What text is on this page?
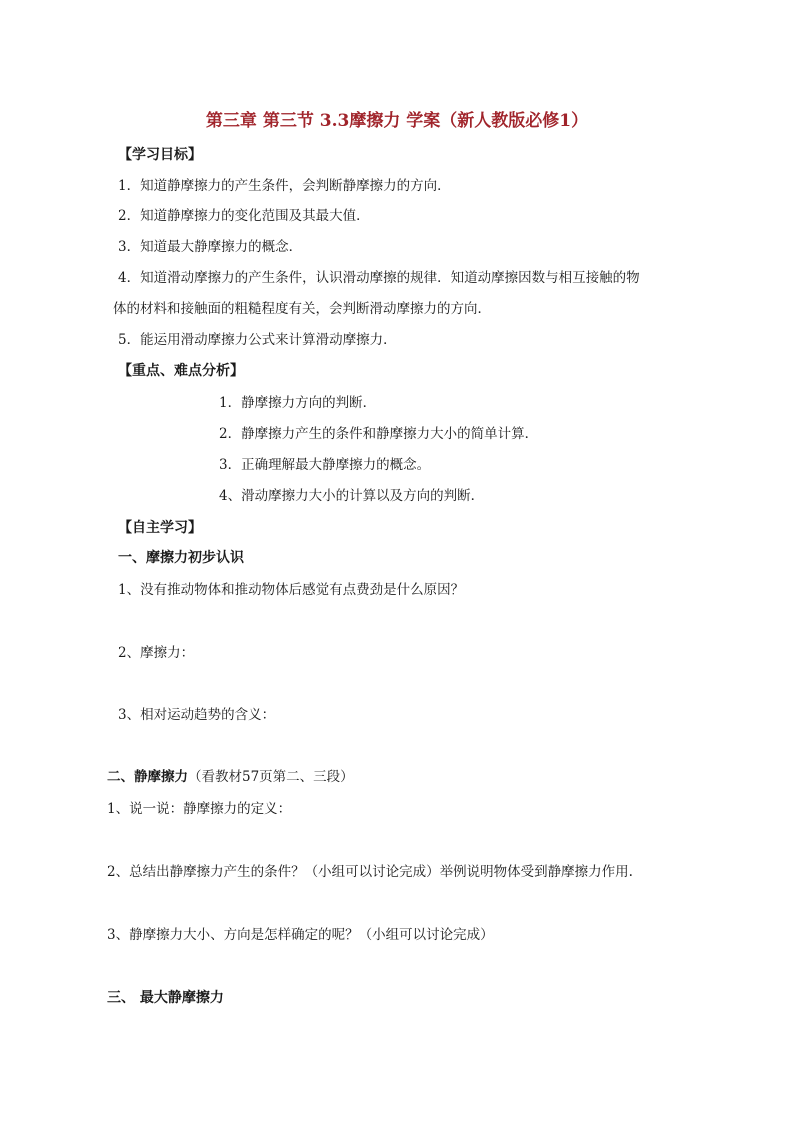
第三章 第三节 3.3摩擦力 学案（新人教版必修1）
【学习目标】
1．知道静摩擦力的产生条件，会判断静摩擦力的方向．
2．知道静摩擦力的变化范围及其最大值．
3．知道最大静摩擦力的概念．
4．知道滑动摩擦力的产生条件，认识滑动摩擦的规律．知道动摩擦因数与相互接触的物
体的材料和接触面的粗糙程度有关，会判断滑动摩擦力的方向．
5．能运用滑动摩擦力公式来计算滑动摩擦力．
【重点、难点分析】
1．静摩擦力方向的判断．
2．静摩擦力产生的条件和静摩擦力大小的简单计算．
3．正确理解最大静摩擦力的概念。
4、滑动摩擦力大小的计算以及方向的判断．
【自主学习】
一、摩擦力初步认识
1、没有推动物体和推动物体后感觉有点费劲是什么原因？
2、摩擦力：
3、相对运动趋势的含义：
二、静摩擦力（看教材57页第二、三段）
1、说一说：静摩擦力的定义：
2、总结出静摩擦力产生的条件？（小组可以讨论完成）举例说明物体受到静摩擦力作用.
3、静摩擦力大小、方向是怎样确定的呢？（小组可以讨论完成）
三、 最大静摩擦力
